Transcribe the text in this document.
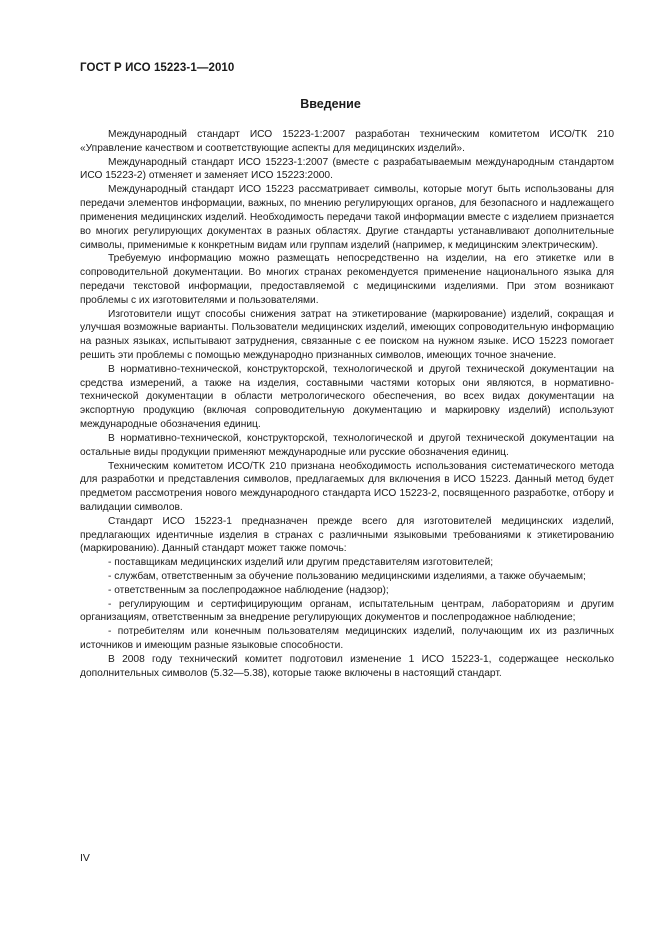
ГОСТ Р ИСО 15223-1—2010
Введение

Международный стандарт ИСО 15223-1:2007 разработан техническим комитетом ИСО/ТК 210 «Управление качеством и соответствующие аспекты для медицинских изделий».

Международный стандарт ИСО 15223-1:2007 (вместе с разрабатываемым международным стандартом ИСО 15223-2) отменяет и заменяет ИСО 15223:2000.

Международный стандарт ИСО 15223 рассматривает символы, которые могут быть использованы для передачи элементов информации, важных, по мнению регулирующих органов, для безопасного и надлежащего применения медицинских изделий. Необходимость передачи такой информации вместе с изделием признается во многих регулирующих документах в разных областях. Другие стандарты устанавливают дополнительные символы, применимые к конкретным видам или группам изделий (например, к медицинским электрическим).

Требуемую информацию можно размещать непосредственно на изделии, на его этикетке или в сопроводительной документации. Во многих странах рекомендуется применение национального языка для передачи текстовой информации, предоставляемой с медицинскими изделиями. При этом возникают проблемы с их изготовителями и пользователями.

Изготовители ищут способы снижения затрат на этикетирование (маркирование) изделий, сокращая и улучшая возможные варианты. Пользователи медицинских изделий, имеющих сопроводительную информацию на разных языках, испытывают затруднения, связанные с ее поиском на нужном языке. ИСО 15223 помогает решить эти проблемы с помощью международно признанных символов, имеющих точное значение.

В нормативно-технической, конструкторской, технологической и другой технической документации на средства измерений, а также на изделия, составными частями которых они являются, в нормативно-технической документации в области метрологического обеспечения, во всех видах документации на экспортную продукцию (включая сопроводительную документацию и маркировку изделий) используют международные обозначения единиц.

В нормативно-технической, конструкторской, технологической и другой технической документации на остальные виды продукции применяют международные или русские обозначения единиц.

Техническим комитетом ИСО/ТК 210 признана необходимость использования систематического метода для разработки и представления символов, предлагаемых для включения в ИСО 15223. Данный метод будет предметом рассмотрения нового международного стандарта ИСО 15223-2, посвященного разработке, отбору и валидации символов.

Стандарт ИСО 15223-1 предназначен прежде всего для изготовителей медицинских изделий, предлагающих идентичные изделия в странах с различными языковыми требованиями к этикетированию (маркированию). Данный стандарт может также помочь:

- поставщикам медицинских изделий или другим представителям изготовителей;

- службам, ответственным за обучение пользованию медицинскими изделиями, а также обучаемым;

- ответственным за послепродажное наблюдение (надзор);

- регулирующим и сертифицирующим органам, испытательным центрам, лабораториям и другим организациям, ответственным за внедрение регулирующих документов и послепродажное наблюдение;

- потребителям или конечным пользователям медицинских изделий, получающим их из различных источников и имеющим разные языковые способности.

В 2008 году технический комитет подготовил изменение 1 ИСО 15223-1, содержащее несколько дополнительных символов (5.32—5.38), которые также включены в настоящий стандарт.

IV
